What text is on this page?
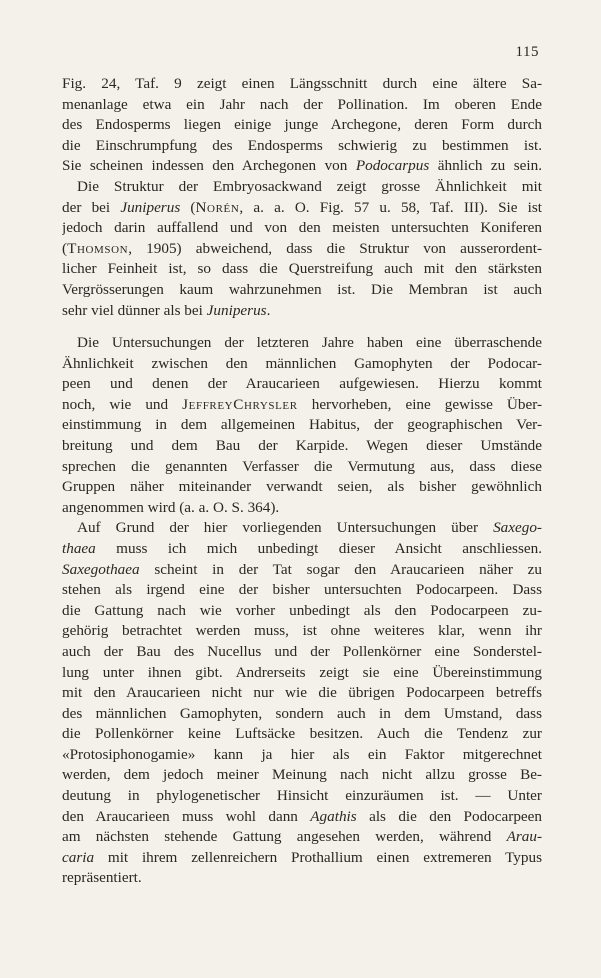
115
Fig. 24, Taf. 9 zeigt einen Längsschnitt durch eine ältere Sa-
menanlage etwa ein Jahr nach der Pollination. Im oberen Ende
des Endosperms liegen einige junge Archegone, deren Form durch
die Einschrumpfung des Endosperms schwierig zu bestimmen ist.
Sie scheinen indessen den Archegonen von Podocarpus ähnlich zu sein.
Die Struktur der Embryosackwand zeigt grosse Ähnlichkeit mit
der bei Juniperus (Norén, a. a. O. Fig. 57 u. 58, Taf. III). Sie ist
jedoch darin auffallend und von den meisten untersuchten Koniferen
(Thomson, 1905) abweichend, dass die Struktur von ausserordent-
licher Feinheit ist, so dass die Querstreifung auch mit den stärksten
Vergrösserungen kaum wahrzunehmen ist. Die Membran ist auch
sehr viel dünner als bei Juniperus.
Die Untersuchungen der letzteren Jahre haben eine überraschende
Ähnlichkeit zwischen den männlichen Gamophyten der Podocar-
peen und denen der Araucarieen aufgewiesen. Hierzu kommt
noch, wie und JeffreyChrysler hervorheben, eine gewisse Über-
einstimmung in dem allgemeinen Habitus, der geographischen Ver-
breitung und dem Bau der Karpide. Wegen dieser Umstände
sprechen die genannten Verfasser die Vermutung aus, dass diese
Gruppen näher miteinander verwandt seien, als bisher gewöhnlich
angenommen wird (a. a. O. S. 364).
Auf Grund der hier vorliegenden Untersuchungen über Saxego-
thaea muss ich mich unbedingt dieser Ansicht anschliessen.
Saxegothaea scheint in der Tat sogar den Araucarieen näher zu
stehen als irgend eine der bisher untersuchten Podocarpeen. Dass
die Gattung nach wie vorher unbedingt als den Podocarpeen zu-
gehörig betrachtet werden muss, ist ohne weiteres klar, wenn ihr
auch der Bau des Nucellus und der Pollenkörner eine Sonderstel-
lung unter ihnen gibt. Andrerseits zeigt sie eine Übereinstimmung
mit den Araucarieen nicht nur wie die übrigen Podocarpeen betreffs
des männlichen Gamophyten, sondern auch in dem Umstand, dass
die Pollenkörner keine Luftsäcke besitzen. Auch die Tendenz zur
«Protosiphonogamie» kann ja hier als ein Faktor mitgerechnet
werden, dem jedoch meiner Meinung nach nicht allzu grosse Be-
deutung in phylogenetischer Hinsicht einzuräumen ist. — Unter
den Araucarieen muss wohl dann Agathis als die den Podocarpeen
am nächsten stehende Gattung angesehen werden, während Arau-
caria mit ihrem zellenreichern Prothallium einen extremeren Typus
repräsentiert.
